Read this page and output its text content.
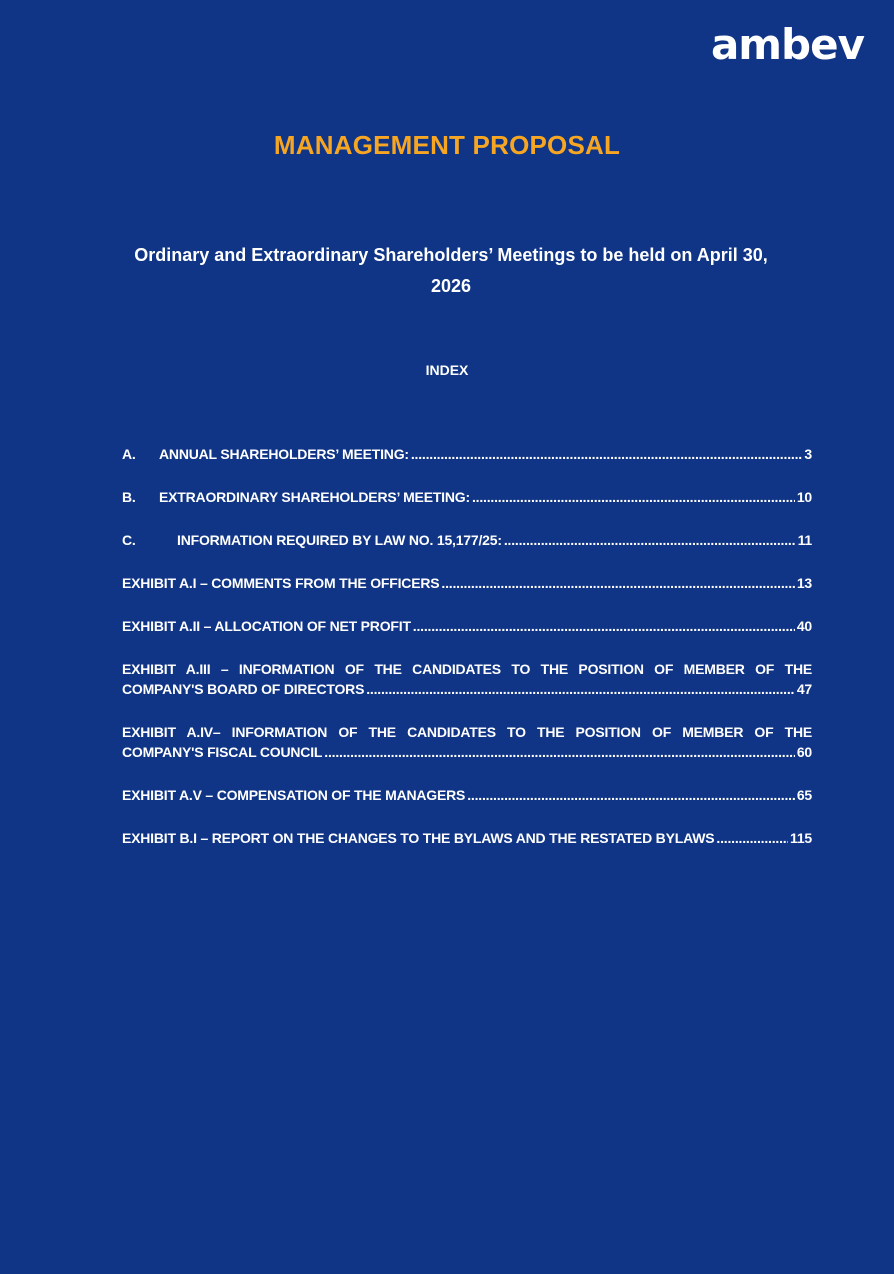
ambev
MANAGEMENT PROPOSAL
Ordinary and Extraordinary Shareholders’ Meetings to be held on April 30, 2026
INDEX
A.	ANNUAL SHAREHOLDERS’ MEETING: .....	3
B.	EXTRAORDINARY SHAREHOLDERS’ MEETING: .....	10
C.	INFORMATION REQUIRED BY LAW NO. 15,177/25: .....	11
EXHIBIT A.I – COMMENTS FROM THE OFFICERS .....	13
EXHIBIT A.II – ALLOCATION OF NET PROFIT .....	40
EXHIBIT A.III – INFORMATION OF THE CANDIDATES TO THE POSITION OF MEMBER OF THE
COMPANY'S BOARD OF DIRECTORS .....	47
EXHIBIT A.IV– INFORMATION OF THE CANDIDATES TO THE POSITION OF MEMBER OF THE
COMPANY'S FISCAL COUNCIL .....	60
EXHIBIT A.V – COMPENSATION OF THE MANAGERS .....	65
EXHIBIT B.I – REPORT ON THE CHANGES TO THE BYLAWS AND THE RESTATED BYLAWS .....	115
